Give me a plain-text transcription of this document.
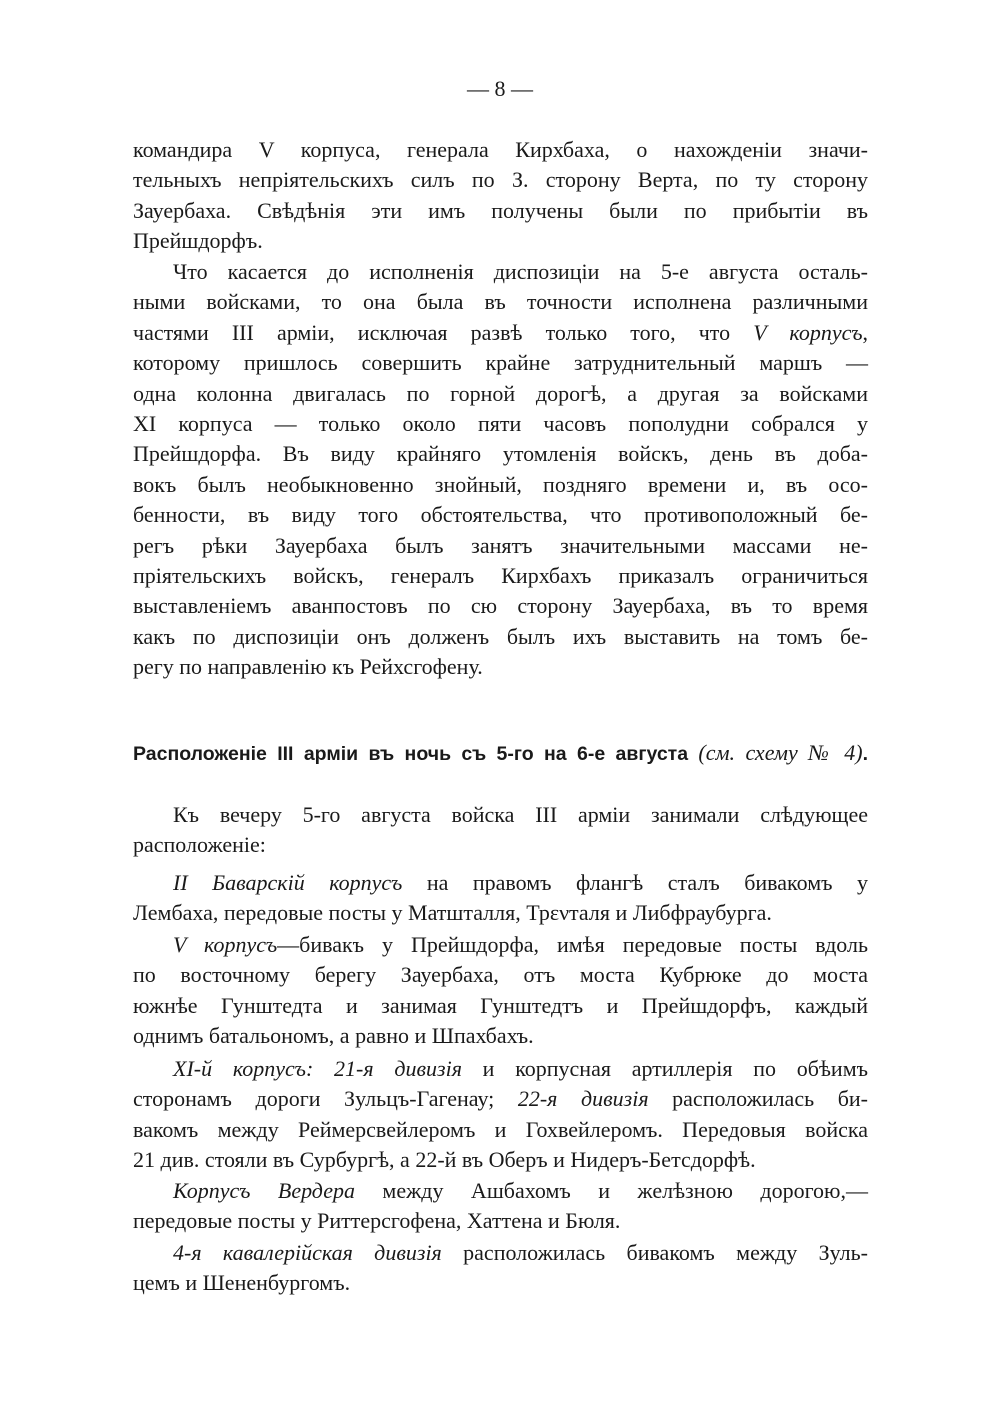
— 8 —
командира V корпуса, генерала Кирхбаха, о нахожденіи значи-
тельныхъ непріятельскихъ силъ по З. сторону Верта, по ту сторону
Зауербаха. Свѣдѣнія эти имъ получены были по прибытіи въ
Прейшдорфъ.
Что касается до исполненія диспозиціи на 5-е августа осталь-
ными войсками, то она была въ точности исполнена различными
частями III арміи, исключая развѣ только того, что V корпусъ,
которому пришлось совершить крайне затруднительный маршъ —
одна колонна двигалась по горной дорогѣ, а другая за войсками
XI корпуса — только около пяти часовъ пополудни собрался у
Прейшдорфа. Въ виду крайняго утомленія войскъ, день въ доба-
вокъ былъ необыкновенно знойный, поздняго времени и, въ осо-
бенности, въ виду того обстоятельства, что противоположный бе-
регъ рѣки Зауербаха былъ занятъ значительными массами не-
пріятельскихъ войскъ, генералъ Кирхбахъ приказалъ ограничиться
выставленіемъ аванпостовъ по сю сторону Зауербаха, въ то время
какъ по диспозиціи онъ долженъ былъ ихъ выставить на томъ бе-
регу по направленію къ Рейхсгофену.
Расположеніе III арміи въ ночь съ 5-го на 6-е августа (см. схему № 4).
Къ вечеру 5-го августа войска III арміи занимали слѣдующее
расположеніе:
II Баварскій корпусъ на правомъ флангѣ сталъ бивакомъ у
Лембаха, передовые посты у Матшталля, Трενталя и Либфраубурга.
V корпусъ—бивакъ у Прейшдорфа, имѣя передовые посты вдоль
по восточному берегу Зауербаха, отъ моста Кубрюке до моста
южнѣе Гунштедта и занимая Гунштедтъ и Прейшдорфъ, каждый
однимъ батальономъ, а равно и Шпахбахъ.
XI-й корпусъ: 21-я дивизія и корпусная артиллерія по обѣимъ
сторонамъ дороги Зульцъ-Гагенау; 22-я дивизія расположилась би-
вакомъ между Реймерсвейлеромъ и Гохвейлеромъ. Передовыя войска
21 див. стояли въ Сурбургѣ, а 22-й въ Оберъ и Нидеръ-Бетсдорфѣ.
Корпусъ Вердера между Ашбахомъ и желѣзною дорогою,—
передовые посты у Риттерсгофена, Хаттена и Бюля.
4-я кавалерійская дивизія расположилась бивакомъ между Зуль-
цемъ и Шененбургомъ.
